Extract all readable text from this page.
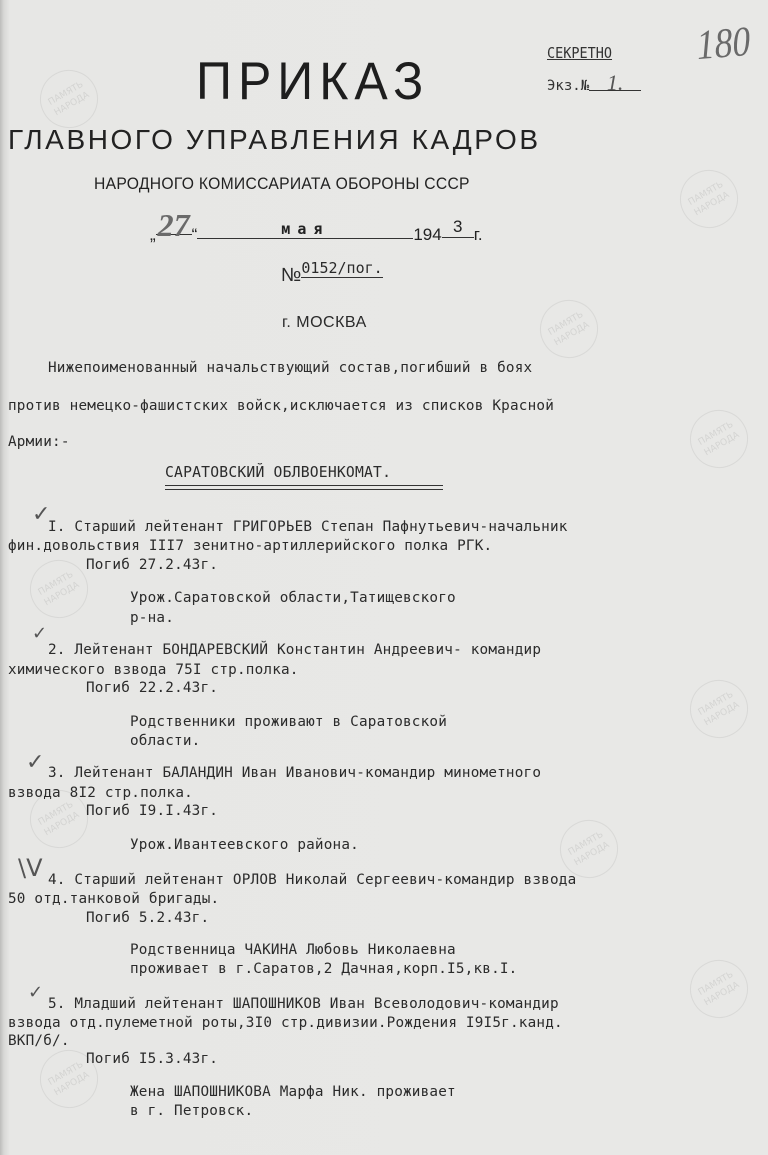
ПАМЯТЬ НАРОДА
ПАМЯТЬ НАРОДА
ПАМЯТЬ НАРОДА
ПАМЯТЬ НАРОДА
ПАМЯТЬ НАРОДА
ПАМЯТЬ НАРОДА
ПАМЯТЬ НАРОДА
ПАМЯТЬ НАРОДА
ПАМЯТЬ НАРОДА
ПАМЯТЬ НАРОДА
180
СЕКРЕТНО
Экз.№ 1.
ПРИКАЗ
ГЛАВНОГО УПРАВЛЕНИЯ КАДРОВ
НАРОДНОГО КОМИССАРИАТА ОБОРОНЫ СССР
„27 “	мая	194 3 г.
№0152/пог.
г. МОСКВА
Нижепоименованный начальствующий состав,погибший в боях
против немецко-фашистских войск,исключается из списков Красной
Армии:-
САРАТОВСКИЙ ОБЛВОЕНКОМАТ.
✓
I. Старший лейтенант ГРИГОРЬЕВ Степан Пафнутьевич-начальник
фин.довольствия III7 зенитно-артиллерийского полка РГК.
Погиб 27.2.43г.
Урож.Саратовской области,Татищевского
р-на.
✓
2. Лейтенант БОНДАРЕВСКИЙ Константин Андреевич- командир
химического взвода 75I стр.полка.
Погиб 22.2.43г.
Родственники проживают в Саратовской
области.
✓ 3. Лейтенант БАЛАНДИН Иван Иванович-командир минометного
взвода 8I2 стр.полка.
Погиб I9.I.43г.
Урож.Ивантеевского района.
\V 4. Старший лейтенант ОРЛОВ Николай Сергеевич-командир взвода
50 отд.танковой бригады.
Погиб 5.2.43г.
Родственница ЧАКИНА Любовь Николаевна
проживает в г.Саратов,2 Дачная,корп.I5,кв.I.
✓
5. Младший лейтенант ШАПОШНИКОВ Иван Всеволодович-командир
взвода отд.пулеметной роты,3I0 стр.дивизии.Рождения I9I5г.канд.
ВКП/б/.
Погиб I5.3.43г.
Жена ШАПОШНИКОВА Марфа Ник. проживает
в г. Петровск.
